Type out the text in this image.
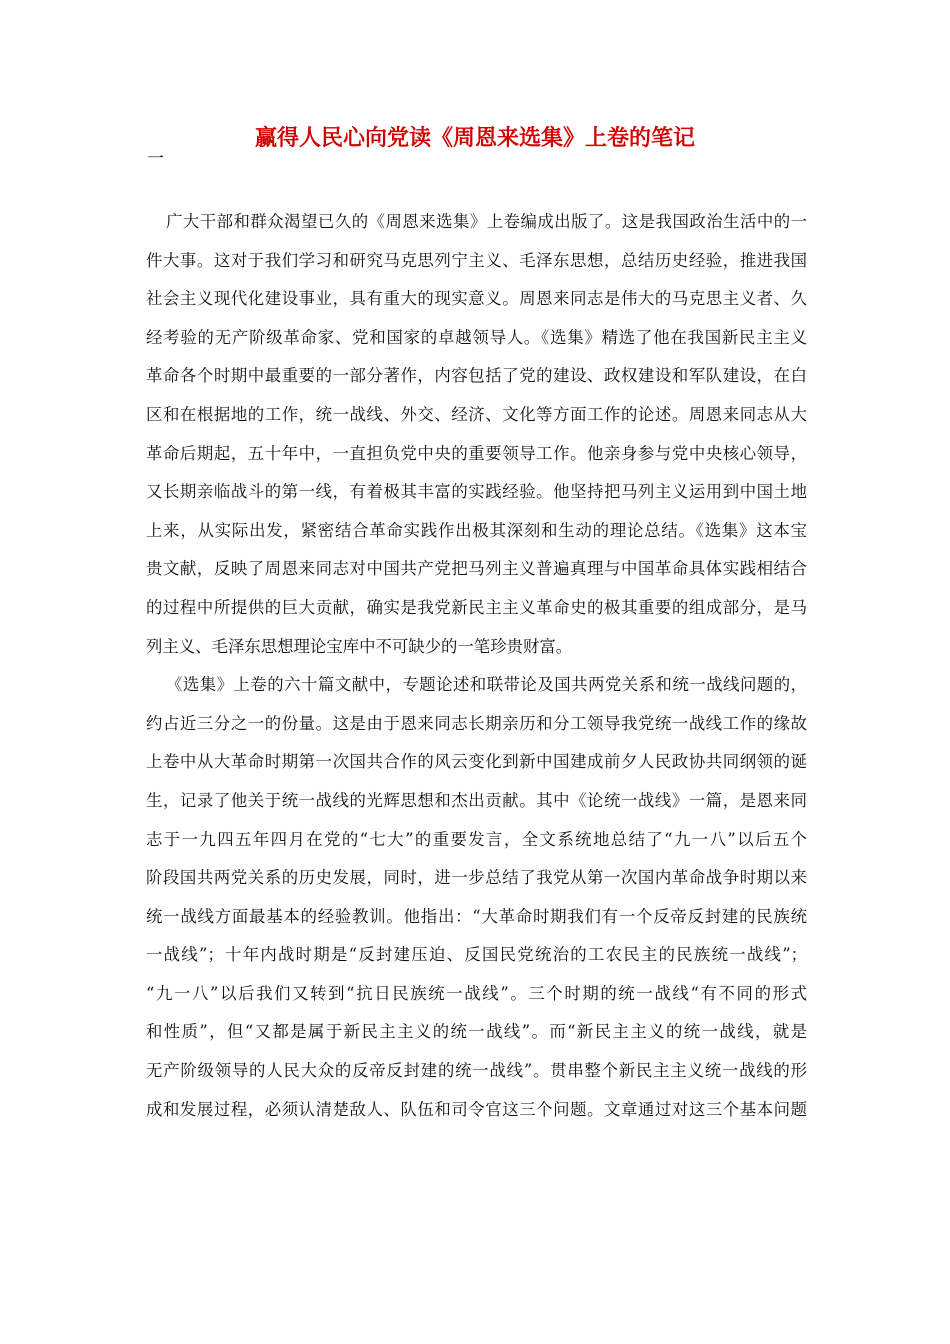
赢得人民心向党读《周恩来选集》上卷的笔记
一
广大干部和群众渴望已久的《周恩来选集》上卷编成出版了。这是我国政治生活中的一
件大事。这对于我们学习和研究马克思列宁主义、毛泽东思想，总结历史经验，推进我国
社会主义现代化建设事业，具有重大的现实意义。周恩来同志是伟大的马克思主义者、久
经考验的无产阶级革命家、党和国家的卓越领导人。《选集》精选了他在我国新民主主义
革命各个时期中最重要的一部分著作，内容包括了党的建设、政权建设和军队建设，在白
区和在根据地的工作，统一战线、外交、经济、文化等方面工作的论述。周恩来同志从大
革命后期起，五十年中，一直担负党中央的重要领导工作。他亲身参与党中央核心领导，
又长期亲临战斗的第一线，有着极其丰富的实践经验。他坚持把马列主义运用到中国土地
上来，从实际出发，紧密结合革命实践作出极其深刻和生动的理论总结。《选集》这本宝
贵文献，反映了周恩来同志对中国共产党把马列主义普遍真理与中国革命具体实践相结合
的过程中所提供的巨大贡献，确实是我党新民主主义革命史的极其重要的组成部分，是马
列主义、毛泽东思想理论宝库中不可缺少的一笔珍贵财富。
《选集》上卷的六十篇文献中，专题论述和联带论及国共两党关系和统一战线问题的，
约占近三分之一的份量。这是由于恩来同志长期亲历和分工领导我党统一战线工作的缘故
上卷中从大革命时期第一次国共合作的风云变化到新中国建成前夕人民政协共同纲领的诞
生，记录了他关于统一战线的光辉思想和杰出贡献。其中《论统一战线》一篇，是恩来同
志于一九四五年四月在党的“七大”的重要发言，全文系统地总结了“九一八”以后五个
阶段国共两党关系的历史发展，同时，进一步总结了我党从第一次国内革命战争时期以来
统一战线方面最基本的经验教训。他指出：“大革命时期我们有一个反帝反封建的民族统
一战线”；十年内战时期是“反封建压迫、反国民党统治的工农民主的民族统一战线”；
“九一八”以后我们又转到“抗日民族统一战线”。三个时期的统一战线“有不同的形式
和性质”，但“又都是属于新民主主义的统一战线”。而“新民主主义的统一战线，就是
无产阶级领导的人民大众的反帝反封建的统一战线”。贯串整个新民主主义统一战线的形
成和发展过程，必须认清楚敌人、队伍和司令官这三个问题。文章通过对这三个基本问题
